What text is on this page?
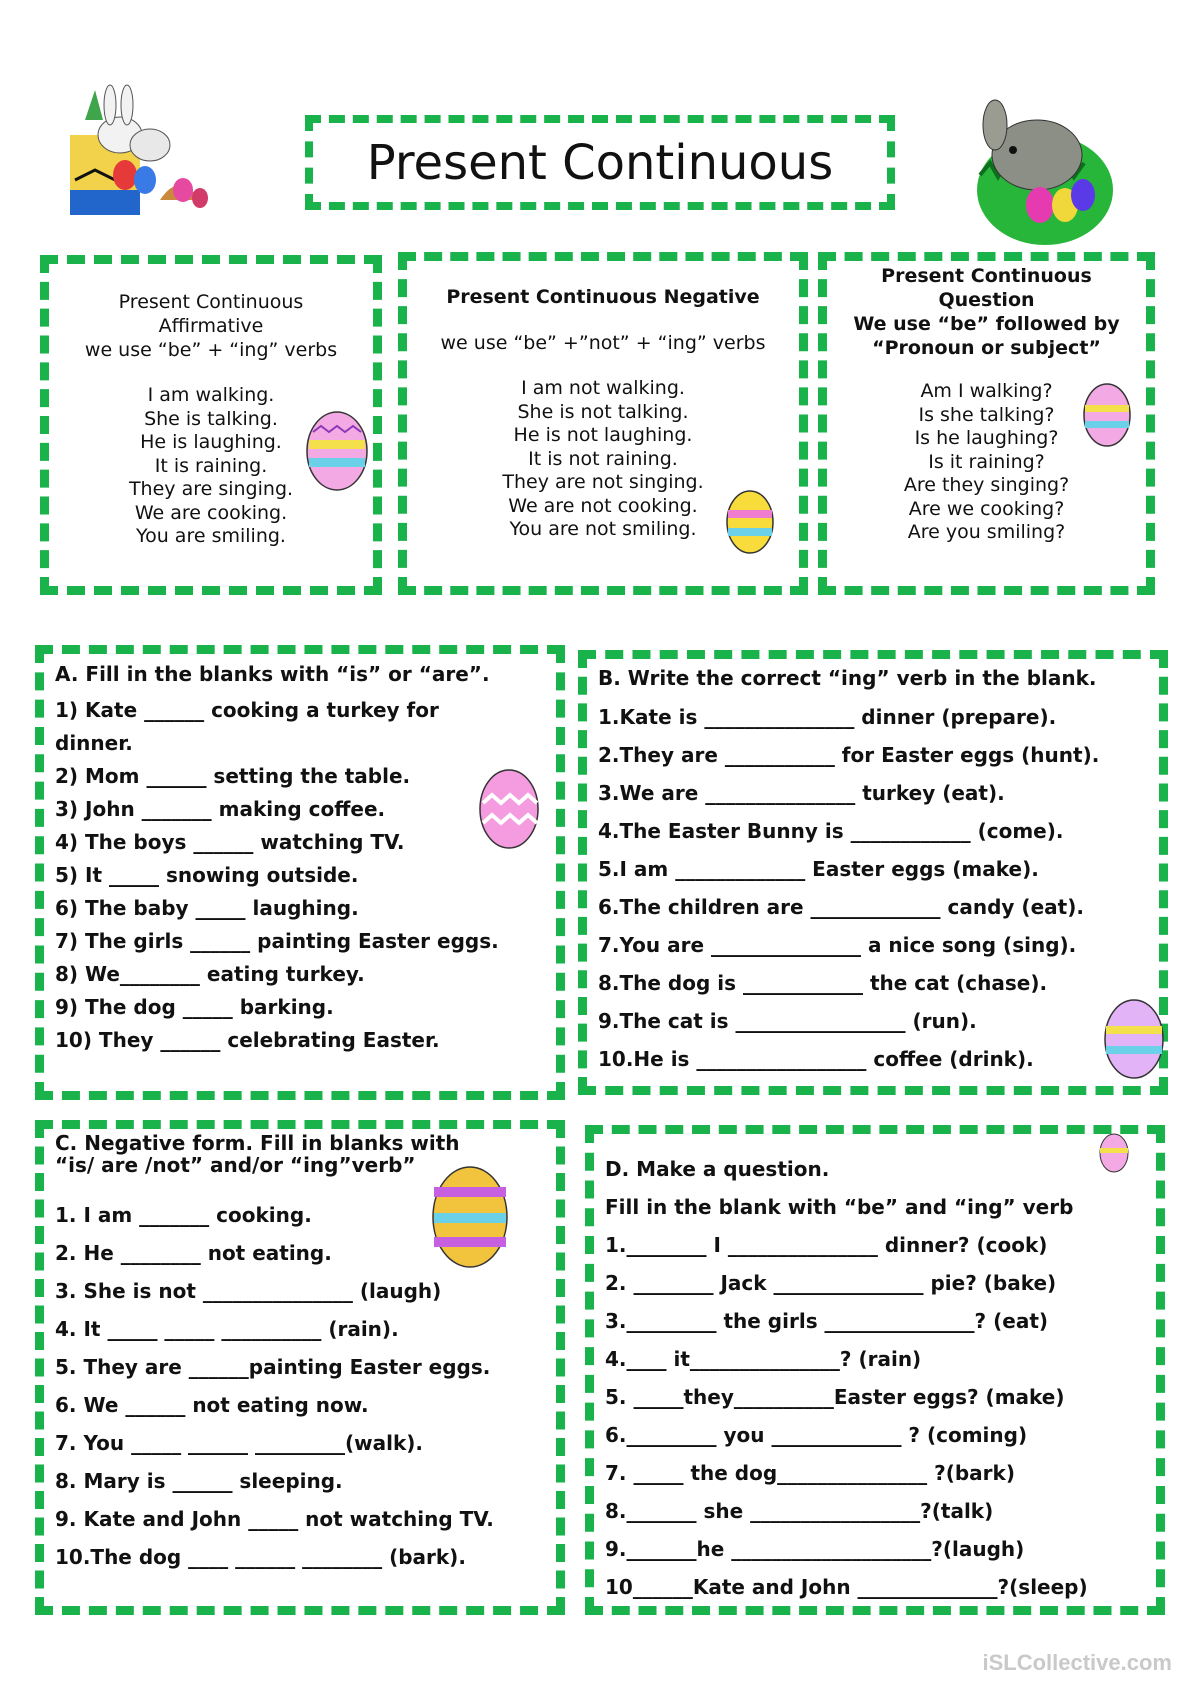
Present Continuous
Present Continuous
Affirmative
we use “be” + “ing” verbs
I am walking.
She is talking.
He is laughing.
It is raining.
They are singing.
We are cooking.
You are smiling.
Present Continuous Negative
we use “be” +”not” + “ing” verbs
I am not walking.
She is not talking.
He is not laughing.
It is not raining.
They are not singing.
We are not cooking.
You are not smiling.
Present Continuous
Question
We use “be” followed by
“Pronoun or subject”
Am I walking?
Is she talking?
Is he laughing?
Is it raining?
Are they singing?
Are we cooking?
Are you smiling?
A. Fill in the blanks with “is” or “are”.
1) Kate ______ cooking a turkey for
dinner.
2) Mom ______ setting the table.
3) John _______ making coffee.
4) The boys ______ watching TV.
5) It _____ snowing outside.
6) The baby _____ laughing.
7) The girls ______ painting Easter eggs.
8) We________ eating turkey.
9) The dog _____ barking.
10) They ______ celebrating Easter.
B. Write the correct “ing” verb in the blank.
1.Kate is _______________ dinner (prepare).
2.They are ___________ for Easter eggs (hunt).
3.We are _______________ turkey (eat).
4.The Easter Bunny is ____________ (come).
5.I am _____________ Easter eggs (make).
6.The children are _____________ candy (eat).
7.You are _______________ a nice song (sing).
8.The dog is ____________ the cat (chase).
9.The cat is _________________ (run).
10.He is _________________ coffee (drink).
C. Negative form. Fill in blanks with
“is/ are /not” and/or “ing”verb”
1. I am _______ cooking.
2. He ________ not eating.
3. She is not _______________ (laugh)
4. It _____ _____ __________ (rain).
5. They are ______painting Easter eggs.
6. We ______ not eating now.
7. You _____ ______ _________(walk).
8. Mary is ______ sleeping.
9. Kate and John _____ not watching TV.
10.The dog ____ ______ ________ (bark).
D. Make a question.
Fill in the blank with “be” and “ing” verb
1.________ I _______________ dinner? (cook)
2. ________ Jack _______________ pie? (bake)
3._________ the girls _______________? (eat)
4.____ it_______________? (rain)
5. _____they__________Easter eggs? (make)
6._________ you _____________ ? (coming)
7. _____ the dog_______________ ?(bark)
8._______ she _________________?(talk)
9._______he ____________________?(laugh)
10______Kate and John ______________?(sleep)
iSLCollective.com
